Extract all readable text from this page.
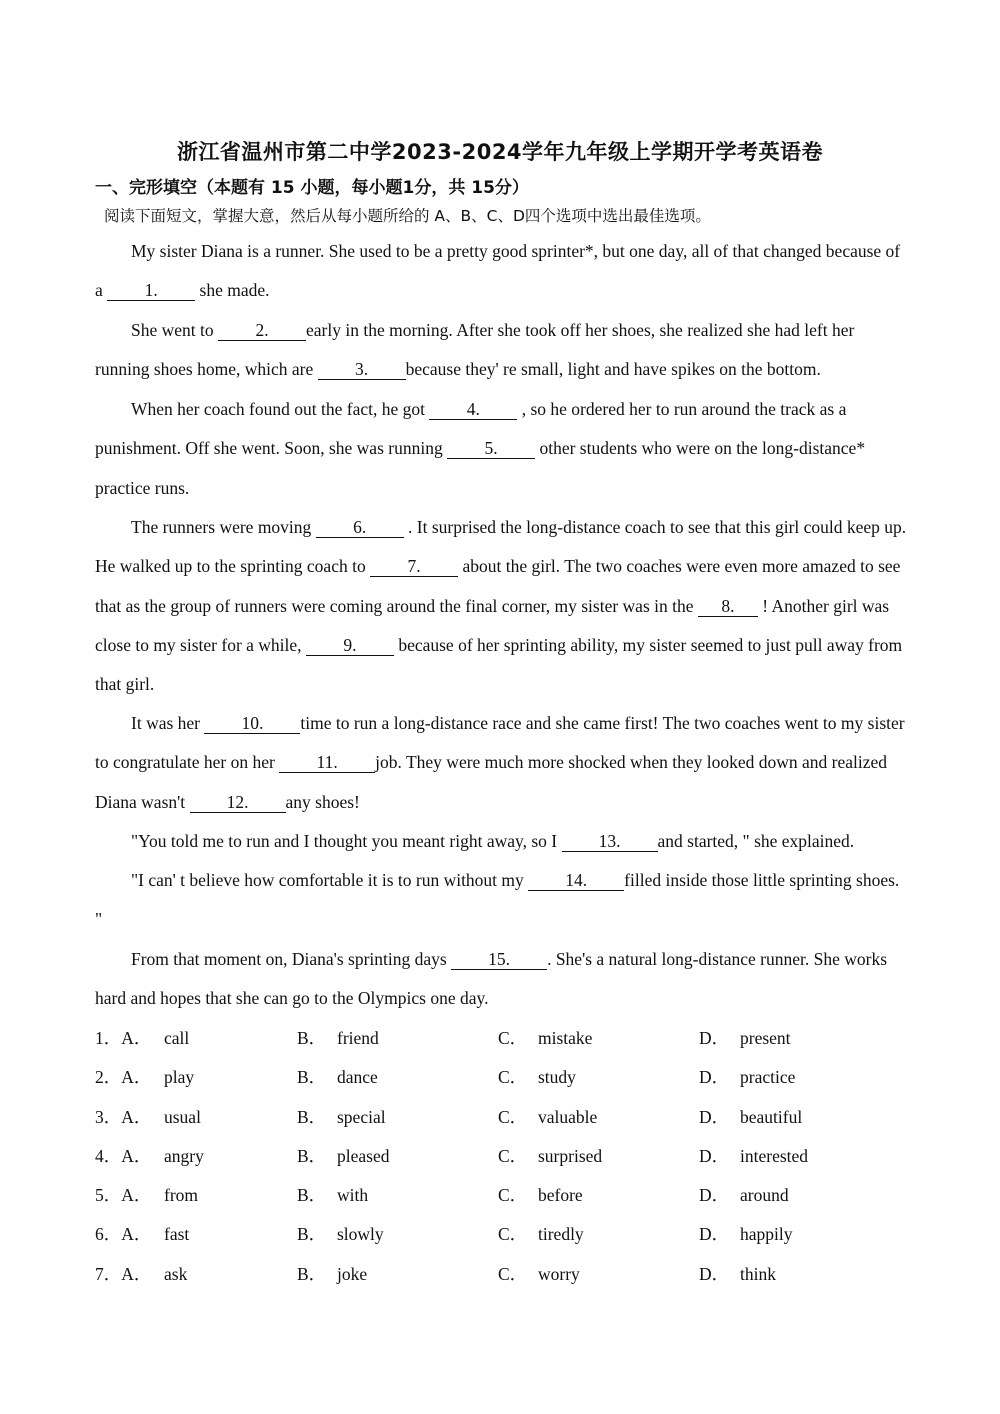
浙江省温州市第二中学2023-2024学年九年级上学期开学考英语卷
一、完形填空（本题有 15 小题，每小题1分，共 15分）
阅读下面短文，掌握大意，然后从每小题所给的 A、B、C、D四个选项中选出最佳选项。

My sister Diana is a runner. She used to be a pretty good sprinter*, but one day, all of that changed because of a 1. she made.

She went to 2. early in the morning. After she took off her shoes, she realized she had left her running shoes home, which are 3. because they' re small, light and have spikes on the bottom.

When her coach found out the fact, he got 4. , so he ordered her to run around the track as a punishment. Off she went. Soon, she was running 5. other students who were on the long-distance* practice runs.

The runners were moving 6. . It surprised the long-distance coach to see that this girl could keep up. He walked up to the sprinting coach to 7. about the girl. The two coaches were even more amazed to see that as the group of runners were coming around the final corner, my sister was in the 8. ! Another girl was close to my sister for a while, 9. because of her sprinting ability, my sister seemed to just pull away from that girl.

It was her 10. time to run a long-distance race and she came first! The two coaches went to my sister to congratulate her on her 11. job. They were much more shocked when they looked down and realized Diana wasn't 12. any shoes!

"You told me to run and I thought you meant right away, so I 13. and started, " she explained.

"I can' t believe how comfortable it is to run without my 14. filled inside those little sprinting shoes. "

From that moment on, Diana's sprinting days 15. . She's a natural long-distance runner. She works hard and hopes that she can go to the Olympics one day.

1．A． call	B． friend	C． mistake	D． present
2．A． play	B． dance	C． study	D． practice
3．A． usual	B． special	C． valuable	D． beautiful
4．A． angry	B． pleased	C． surprised	D． interested
5．A． from	B． with	C． before	D． around
6．A． fast	B． slowly	C． tiredly	D． happily
7．A． ask	B． joke	C． worry	D． think
